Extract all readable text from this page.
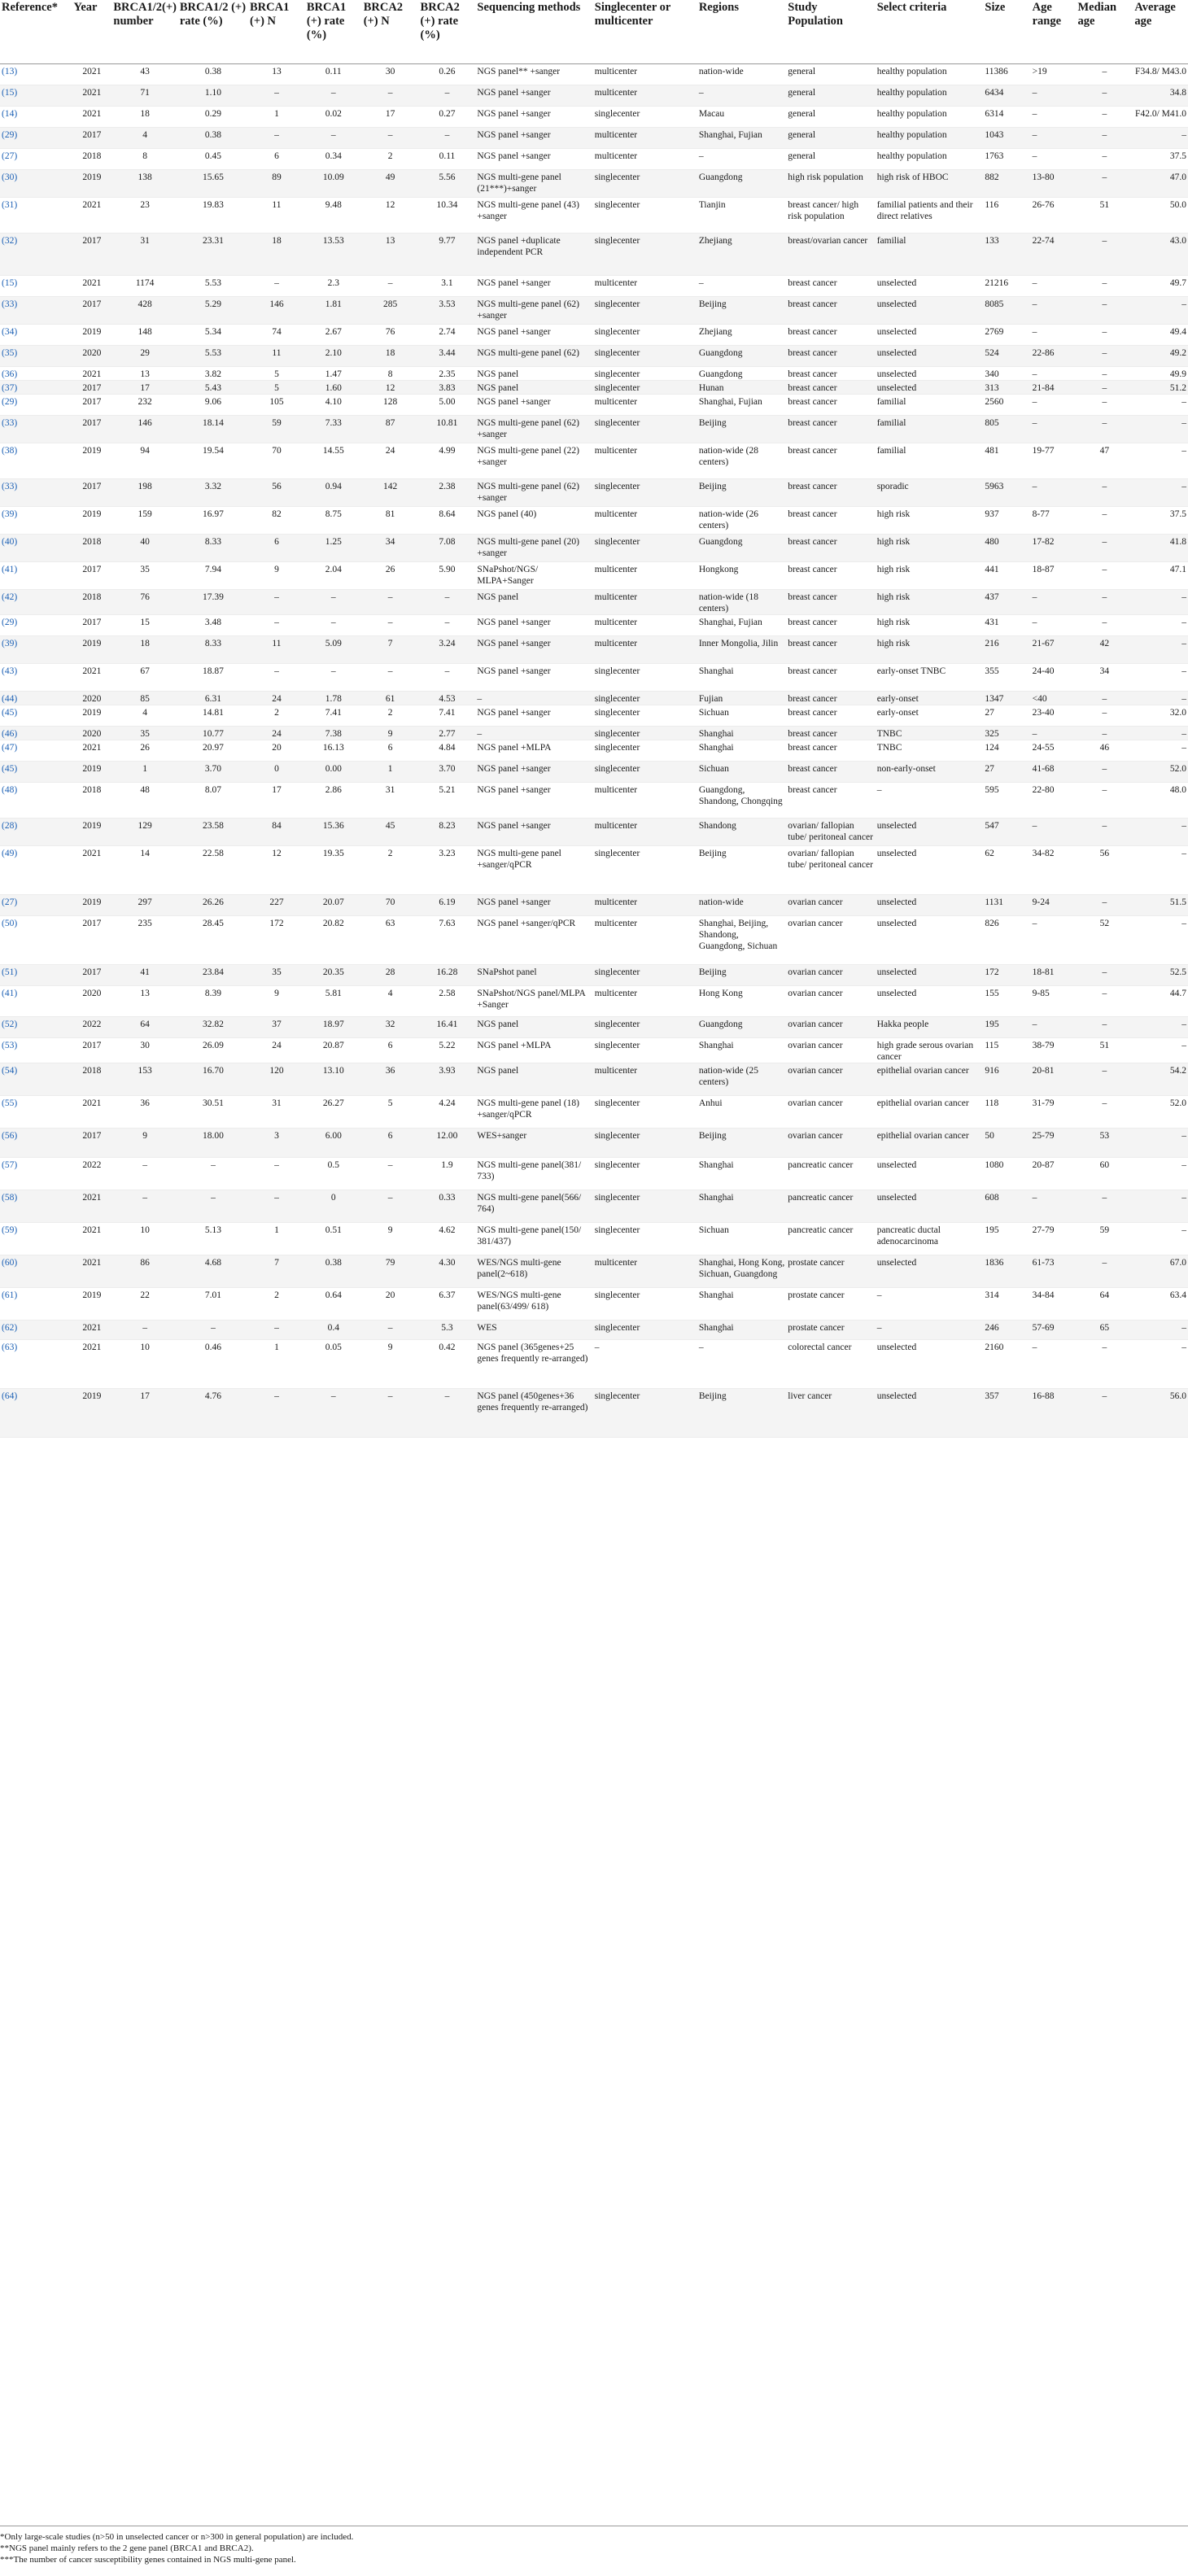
Reference*	Year	BRCA1/2(+) number	BRCA1/2 (+) rate (%)	BRCA1 (+) N	BRCA1 (+) rate (%)	BRCA2 (+) N	BRCA2 (+) rate (%)	Sequencing methods	Singlecenter or multicenter	Regions	Study Population	Select criteria	Size	Age range	Median age	Average age
(13)	2021	43	0.38	13	0.11	30	0.26	NGS panel** +sanger	multicenter	nation-wide	general	healthy population	11386	>19	–	F34.8/ M43.0
(15)	2021	71	1.10	–	–	–	–	NGS panel +sanger	multicenter	–	general	healthy population	6434	–	–	34.8
(14)	2021	18	0.29	1	0.02	17	0.27	NGS panel +sanger	singlecenter	Macau	general	healthy population	6314	–	–	F42.0/ M41.0
(29)	2017	4	0.38	–	–	–	–	NGS panel +sanger	multicenter	Shanghai, Fujian	general	healthy population	1043	–	–	–
(27)	2018	8	0.45	6	0.34	2	0.11	NGS panel +sanger	multicenter	–	general	healthy population	1763	–	–	37.5
(30)	2019	138	15.65	89	10.09	49	5.56	NGS multi-gene panel (21***)+sanger	singlecenter	Guangdong	high risk population	high risk of HBOC	882	13-80	–	47.0
(31)	2021	23	19.83	11	9.48	12	10.34	NGS multi-gene panel (43) +sanger	singlecenter	Tianjin	breast cancer/ high risk population	familial patients and their direct relatives	116	26-76	51	50.0
(32)	2017	31	23.31	18	13.53	13	9.77	NGS panel +duplicate independent PCR	singlecenter	Zhejiang	breast/ovarian cancer	familial	133	22-74	–	43.0
(15)	2021	1174	5.53	–	2.3	–	3.1	NGS panel +sanger	multicenter	–	breast cancer	unselected	21216	–	–	49.7
(33)	2017	428	5.29	146	1.81	285	3.53	NGS multi-gene panel (62) +sanger	singlecenter	Beijing	breast cancer	unselected	8085	–	–	–
(34)	2019	148	5.34	74	2.67	76	2.74	NGS panel +sanger	singlecenter	Zhejiang	breast cancer	unselected	2769	–	–	49.4
(35)	2020	29	5.53	11	2.10	18	3.44	NGS multi-gene panel (62)	singlecenter	Guangdong	breast cancer	unselected	524	22-86	–	49.2
(36)	2021	13	3.82	5	1.47	8	2.35	NGS panel	singlecenter	Guangdong	breast cancer	unselected	340	–	–	49.9
(37)	2017	17	5.43	5	1.60	12	3.83	NGS panel	singlecenter	Hunan	breast cancer	unselected	313	21-84	–	51.2
(29)	2017	232	9.06	105	4.10	128	5.00	NGS panel +sanger	multicenter	Shanghai, Fujian	breast cancer	familial	2560	–	–	–
(33)	2017	146	18.14	59	7.33	87	10.81	NGS multi-gene panel (62) +sanger	singlecenter	Beijing	breast cancer	familial	805	–	–	–
(38)	2019	94	19.54	70	14.55	24	4.99	NGS multi-gene panel (22) +sanger	multicenter	nation-wide (28 centers)	breast cancer	familial	481	19-77	47	–
(33)	2017	198	3.32	56	0.94	142	2.38	NGS multi-gene panel (62) +sanger	singlecenter	Beijing	breast cancer	sporadic	5963	–	–	–
(39)	2019	159	16.97	82	8.75	81	8.64	NGS panel (40)	multicenter	nation-wide (26 centers)	breast cancer	high risk	937	8-77	–	37.5
(40)	2018	40	8.33	6	1.25	34	7.08	NGS multi-gene panel (20) +sanger	singlecenter	Guangdong	breast cancer	high risk	480	17-82	–	41.8
(41)	2017	35	7.94	9	2.04	26	5.90	SNaPshot/NGS/ MLPA+Sanger	multicenter	Hongkong	breast cancer	high risk	441	18-87	–	47.1
(42)	2018	76	17.39	–	–	–	–	NGS panel	multicenter	nation-wide (18 centers)	breast cancer	high risk	437	–	–	–
(29)	2017	15	3.48	–	–	–	–	NGS panel +sanger	multicenter	Shanghai, Fujian	breast cancer	high risk	431	–	–	–
(39)	2019	18	8.33	11	5.09	7	3.24	NGS panel +sanger	multicenter	Inner Mongolia, Jilin	breast cancer	high risk	216	21-67	42	–
(43)	2021	67	18.87	–	–	–	–	NGS panel +sanger	singlecenter	Shanghai	breast cancer	early-onset TNBC	355	24-40	34	–
(44)	2020	85	6.31	24	1.78	61	4.53	–	singlecenter	Fujian	breast cancer	early-onset	1347	<40	–	–
(45)	2019	4	14.81	2	7.41	2	7.41	NGS panel +sanger	singlecenter	Sichuan	breast cancer	early-onset	27	23-40	–	32.0
(46)	2020	35	10.77	24	7.38	9	2.77	–	singlecenter	Shanghai	breast cancer	TNBC	325	–	–	–
(47)	2021	26	20.97	20	16.13	6	4.84	NGS panel +MLPA	singlecenter	Shanghai	breast cancer	TNBC	124	24-55	46	–
(45)	2019	1	3.70	0	0.00	1	3.70	NGS panel +sanger	singlecenter	Sichuan	breast cancer	non-early-onset	27	41-68	–	52.0
(48)	2018	48	8.07	17	2.86	31	5.21	NGS panel +sanger	multicenter	Guangdong, Shandong, Chongqing	breast cancer	–	595	22-80	–	48.0
(28)	2019	129	23.58	84	15.36	45	8.23	NGS panel +sanger	multicenter	Shandong	ovarian/ fallopian tube/ peritoneal cancer	unselected	547	–	–	–
(49)	2021	14	22.58	12	19.35	2	3.23	NGS multi-gene panel +sanger/qPCR	singlecenter	Beijing	ovarian/ fallopian tube/ peritoneal cancer	unselected	62	34-82	56	–
(27)	2019	297	26.26	227	20.07	70	6.19	NGS panel +sanger	multicenter	nation-wide	ovarian cancer	unselected	1131	9-24	–	51.5
(50)	2017	235	28.45	172	20.82	63	7.63	NGS panel +sanger/qPCR	multicenter	Shanghai, Beijing, Shandong, Guangdong, Sichuan	ovarian cancer	unselected	826	–	52	–
(51)	2017	41	23.84	35	20.35	28	16.28	SNaPshot panel	singlecenter	Beijing	ovarian cancer	unselected	172	18-81	–	52.5
(41)	2020	13	8.39	9	5.81	4	2.58	SNaPshot/NGS panel/MLPA +Sanger	multicenter	Hong Kong	ovarian cancer	unselected	155	9-85	–	44.7
(52)	2022	64	32.82	37	18.97	32	16.41	NGS panel	singlecenter	Guangdong	ovarian cancer	Hakka people	195	–	–	–
(53)	2017	30	26.09	24	20.87	6	5.22	NGS panel +MLPA	singlecenter	Shanghai	ovarian cancer	high grade serous ovarian cancer	115	38-79	51	–
(54)	2018	153	16.70	120	13.10	36	3.93	NGS panel	multicenter	nation-wide (25 centers)	ovarian cancer	epithelial ovarian cancer	916	20-81	–	54.2
(55)	2021	36	30.51	31	26.27	5	4.24	NGS multi-gene panel (18) +sanger/qPCR	singlecenter	Anhui	ovarian cancer	epithelial ovarian cancer	118	31-79	–	52.0
(56)	2017	9	18.00	3	6.00	6	12.00	WES+sanger	singlecenter	Beijing	ovarian cancer	epithelial ovarian cancer	50	25-79	53	–
(57)	2022	–	–	–	0.5	–	1.9	NGS multi-gene panel(381/ 733)	singlecenter	Shanghai	pancreatic cancer	unselected	1080	20-87	60	–
(58)	2021	–	–	–	0	–	0.33	NGS multi-gene panel(566/ 764)	singlecenter	Shanghai	pancreatic cancer	unselected	608	–	–	–
(59)	2021	10	5.13	1	0.51	9	4.62	NGS multi-gene panel(150/ 381/437)	singlecenter	Sichuan	pancreatic cancer	pancreatic ductal adenocarcinoma	195	27-79	59	–
(60)	2021	86	4.68	7	0.38	79	4.30	WES/NGS multi-gene panel(2~618)	multicenter	Shanghai, Hong Kong, Sichuan, Guangdong	prostate cancer	unselected	1836	61-73	–	67.0
(61)	2019	22	7.01	2	0.64	20	6.37	WES/NGS multi-gene panel(63/499/ 618)	singlecenter	Shanghai	prostate cancer	–	314	34-84	64	63.4
(62)	2021	–	–	–	0.4	–	5.3	WES	singlecenter	Shanghai	prostate cancer	–	246	57-69	65	–
(63)	2021	10	0.46	1	0.05	9	0.42	NGS panel (365genes+25 genes frequently re-arranged)	–	–	colorectal cancer	unselected	2160	–	–	–
(64)	2019	17	4.76	–	–	–	–	NGS panel (450genes+36 genes frequently re-arranged)	singlecenter	Beijing	liver cancer	unselected	357	16-88	–	56.0
*Only large-scale studies (n>50 in unselected cancer or n>300 in general population) are included.
**NGS panel mainly refers to the 2 gene panel (BRCA1 and BRCA2).
***The number of cancer susceptibility genes contained in NGS multi-gene panel.
